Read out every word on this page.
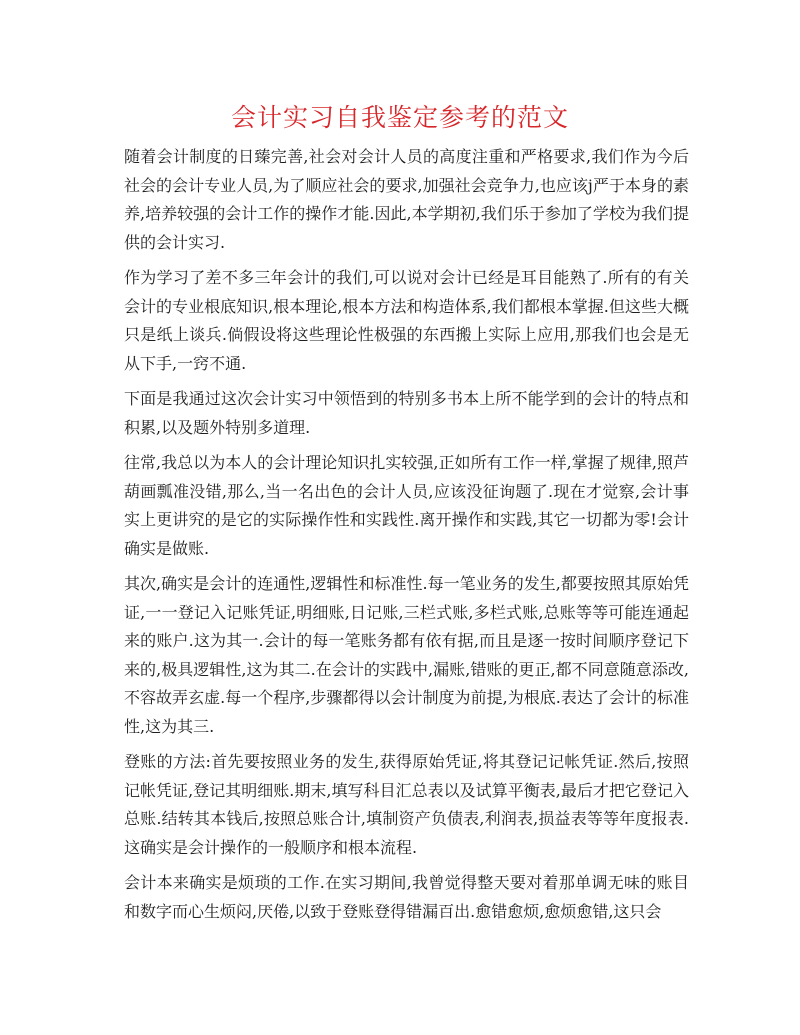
会计实习自我鉴定参考的范文

随着会计制度的日臻完善,社会对会计人员的高度注重和严格要求,我们作为今后社会的会计专业人员,为了顺应社会的要求,加强社会竞争力,也应该j严于本身的素养,培养较强的会计工作的操作才能.因此,本学期初,我们乐于参加了学校为我们提供的会计实习.

作为学习了差不多三年会计的我们,可以说对会计已经是耳目能熟了.所有的有关会计的专业根底知识,根本理论,根本方法和构造体系,我们都根本掌握.但这些大概只是纸上谈兵.倘假设将这些理论性极强的东西搬上实际上应用,那我们也会是无从下手,一窍不通.

下面是我通过这次会计实习中领悟到的特别多书本上所不能学到的会计的特点和积累,以及题外特别多道理.

往常,我总以为本人的会计理论知识扎实较强,正如所有工作一样,掌握了规律,照芦葫画瓢准没错,那么,当一名出色的会计人员,应该没征询题了.现在才觉察,会计事实上更讲究的是它的实际操作性和实践性.离开操作和实践,其它一切都为零!会计确实是做账.

其次,确实是会计的连通性,逻辑性和标准性.每一笔业务的发生,都要按照其原始凭证,一一登记入记账凭证,明细账,日记账,三栏式账,多栏式账,总账等等可能连通起来的账户.这为其一.会计的每一笔账务都有依有据,而且是逐一按时间顺序登记下来的,极具逻辑性,这为其二.在会计的实践中,漏账,错账的更正,都不同意随意添改,不容故弄玄虚.每一个程序,步骤都得以会计制度为前提,为根底.表达了会计的标准性,这为其三.

登账的方法:首先要按照业务的发生,获得原始凭证,将其登记记帐凭证.然后,按照记帐凭证,登记其明细账.期末,填写科目汇总表以及试算平衡表,最后才把它登记入总账.结转其本钱后,按照总账合计,填制资产负债表,利润表,损益表等等年度报表.这确实是会计操作的一般顺序和根本流程.

会计本来确实是烦琐的工作.在实习期间,我曾觉得整天要对着那单调无味的账目和数字而心生烦闷,厌倦,以致于登账登得错漏百出.愈错愈烦,愈烦愈错,这只会
